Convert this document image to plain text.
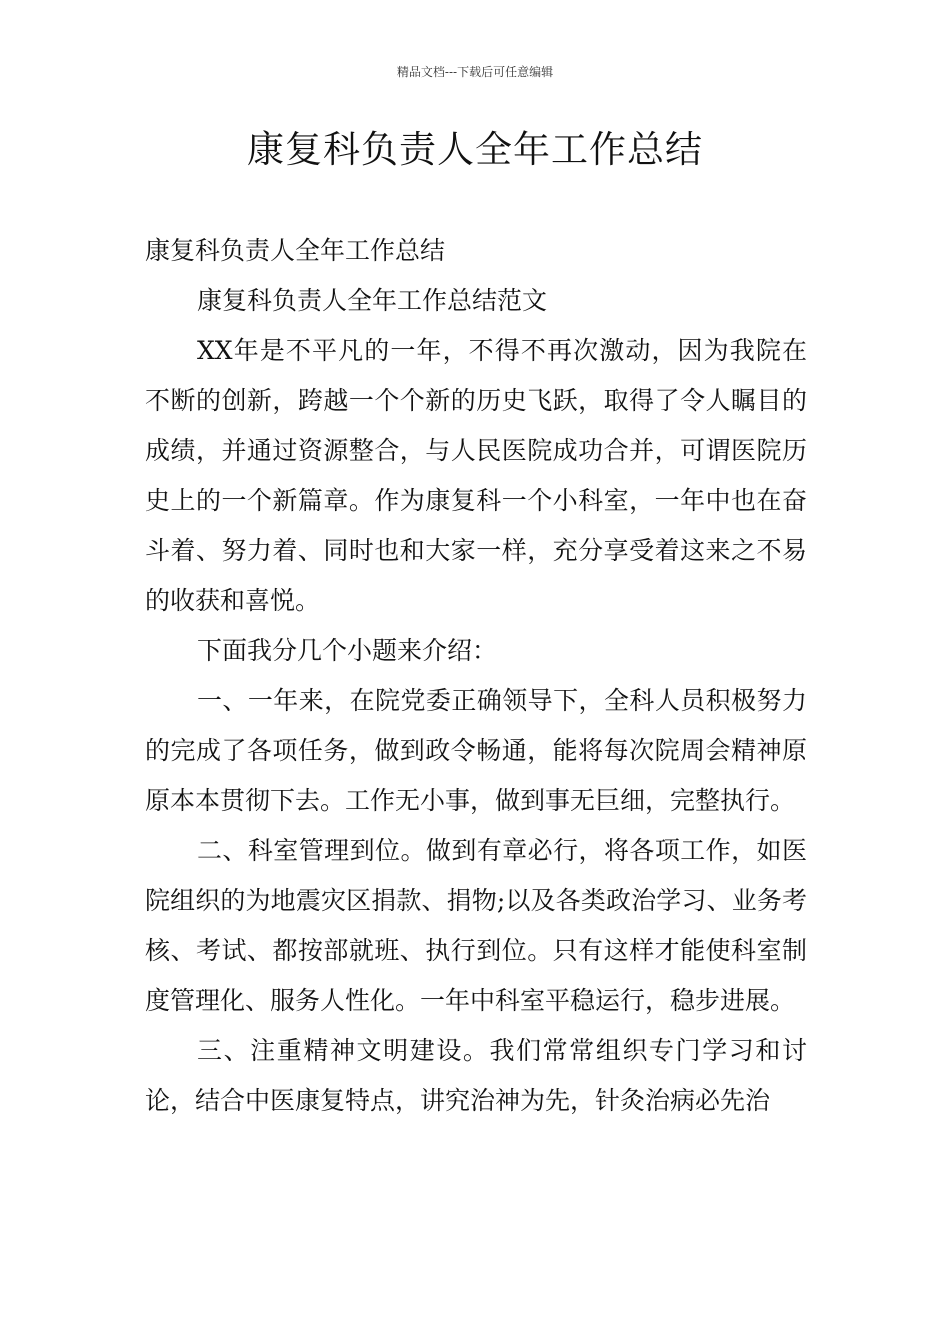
精品文档---下载后可任意编辑
康复科负责人全年工作总结

康复科负责人全年工作总结

康复科负责人全年工作总结范文

XX年是不平凡的一年，不得不再次激动，因为我院在不断的创新，跨越一个个新的历史飞跃，取得了令人瞩目的成绩，并通过资源整合，与人民医院成功合并，可谓医院历史上的一个新篇章。作为康复科一个小科室，一年中也在奋斗着、努力着、同时也和大家一样，充分享受着这来之不易的收获和喜悦。

下面我分几个小题来介绍：

一、一年来，在院党委正确领导下，全科人员积极努力的完成了各项任务，做到政令畅通，能将每次院周会精神原原本本贯彻下去。工作无小事，做到事无巨细，完整执行。

二、科室管理到位。做到有章必行，将各项工作，如医院组织的为地震灾区捐款、捐物;以及各类政治学习、业务考核、考试、都按部就班、执行到位。只有这样才能使科室制度管理化、服务人性化。一年中科室平稳运行，稳步进展。

三、注重精神文明建设。我们常常组织专门学习和讨论，结合中医康复特点，讲究治神为先，针灸治病必先治
